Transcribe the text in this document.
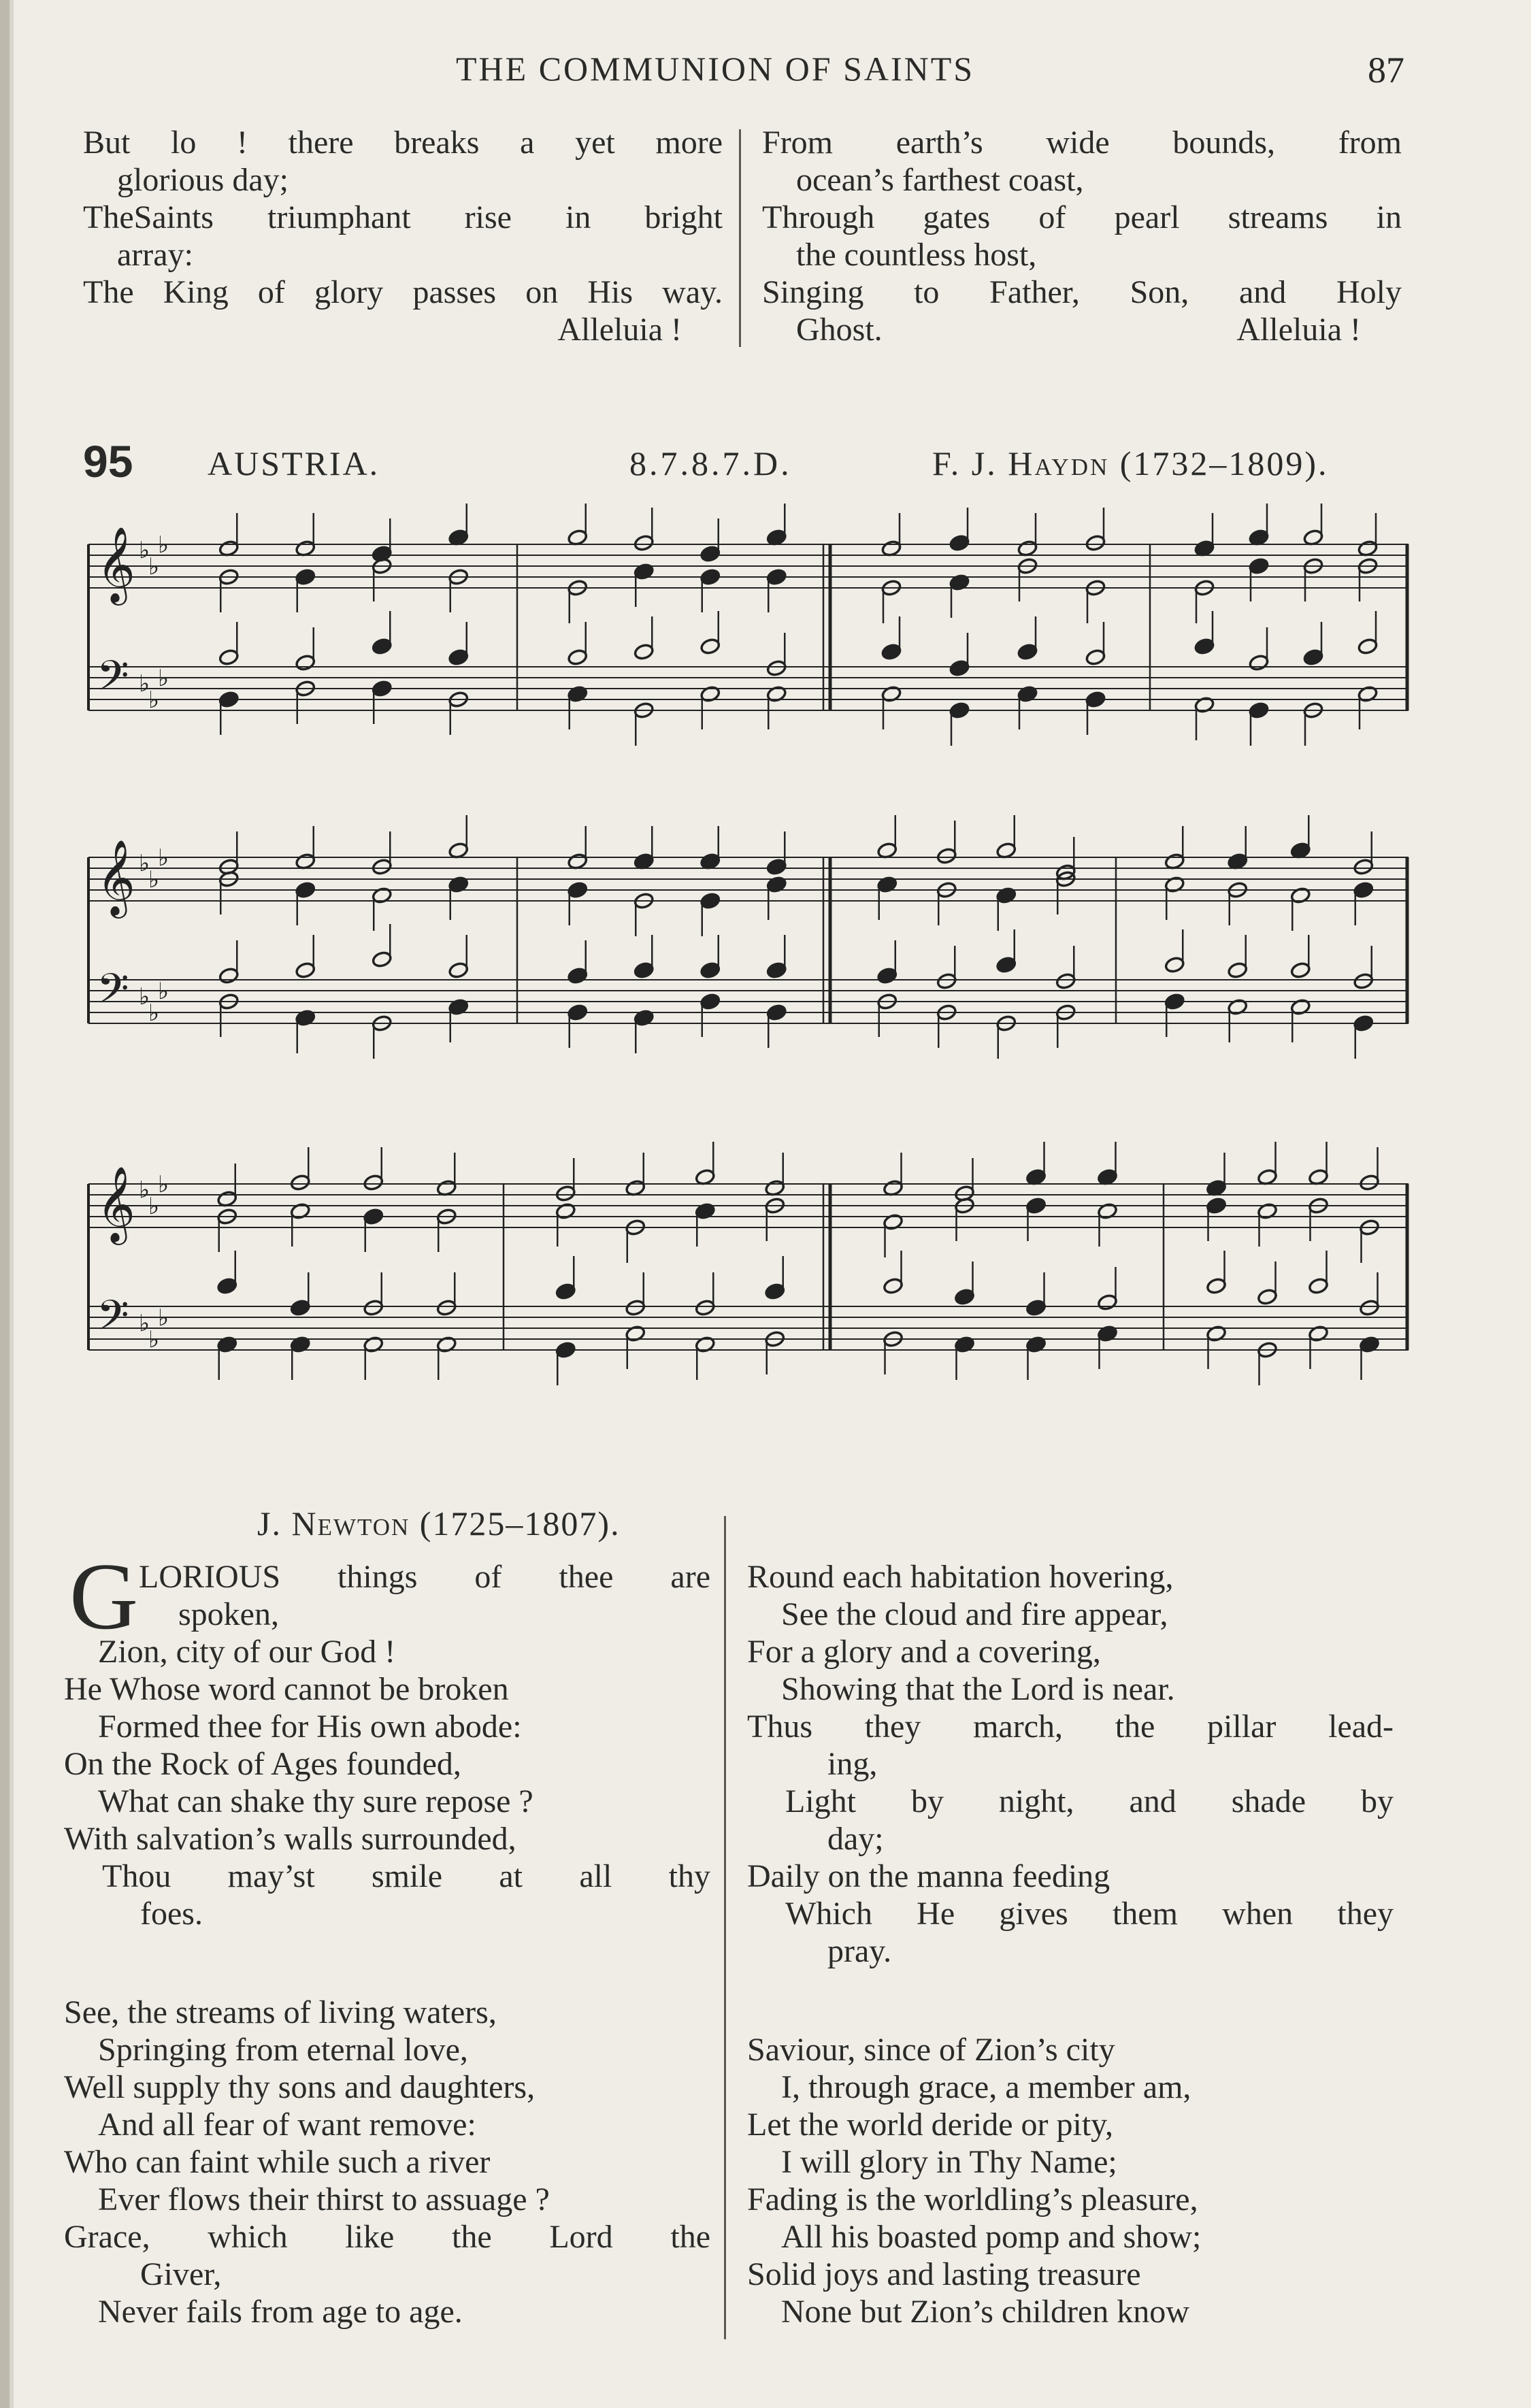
THE COMMUNION OF SAINTS	87
But lo ! there breaks a yet more
glorious day;
TheSaints triumphant rise in bright
array:
The King of glory passes on His way.
Alleluia !
From earth’s wide bounds, from
ocean’s farthest coast,
Through gates of pearl streams in
the countless host,
Singing to Father, Son, and Holy
Ghost.	Alleluia !
95 AUSTRIA.	8.7.8.7.D.	F. J. Haydn (1732–1809).
𝄞 ♭
♭
♭
𝄢 ♭
♭
♭
𝄞 ♭
♭
♭
𝄢 ♭
♭
♭
𝄞 ♭
♭
♭
𝄢 ♭
♭
♭
J. Newton (1725–1807).
G LORIOUS things of thee are
spoken,
Zion, city of our God !
He Whose word cannot be broken
Formed thee for His own abode:
On the Rock of Ages founded,
What can shake thy sure repose ?
With salvation’s walls surrounded,
Thou may’st smile at all thy
foes.
Round each habitation hovering,
See the cloud and fire appear,
For a glory and a covering,
Showing that the Lord is near.
Thus they march, the pillar lead-
ing,
Light by night, and shade by
day;
Daily on the manna feeding
Which He gives them when they
pray.
See, the streams of living waters,
Springing from eternal love,
Well supply thy sons and daughters,
And all fear of want remove:
Who can faint while such a river
Ever flows their thirst to assuage ?
Grace, which like the Lord the
Giver,
Never fails from age to age.
Saviour, since of Zion’s city
I, through grace, a member am,
Let the world deride or pity,
I will glory in Thy Name;
Fading is the worldling’s pleasure,
All his boasted pomp and show;
Solid joys and lasting treasure
None but Zion’s children know
